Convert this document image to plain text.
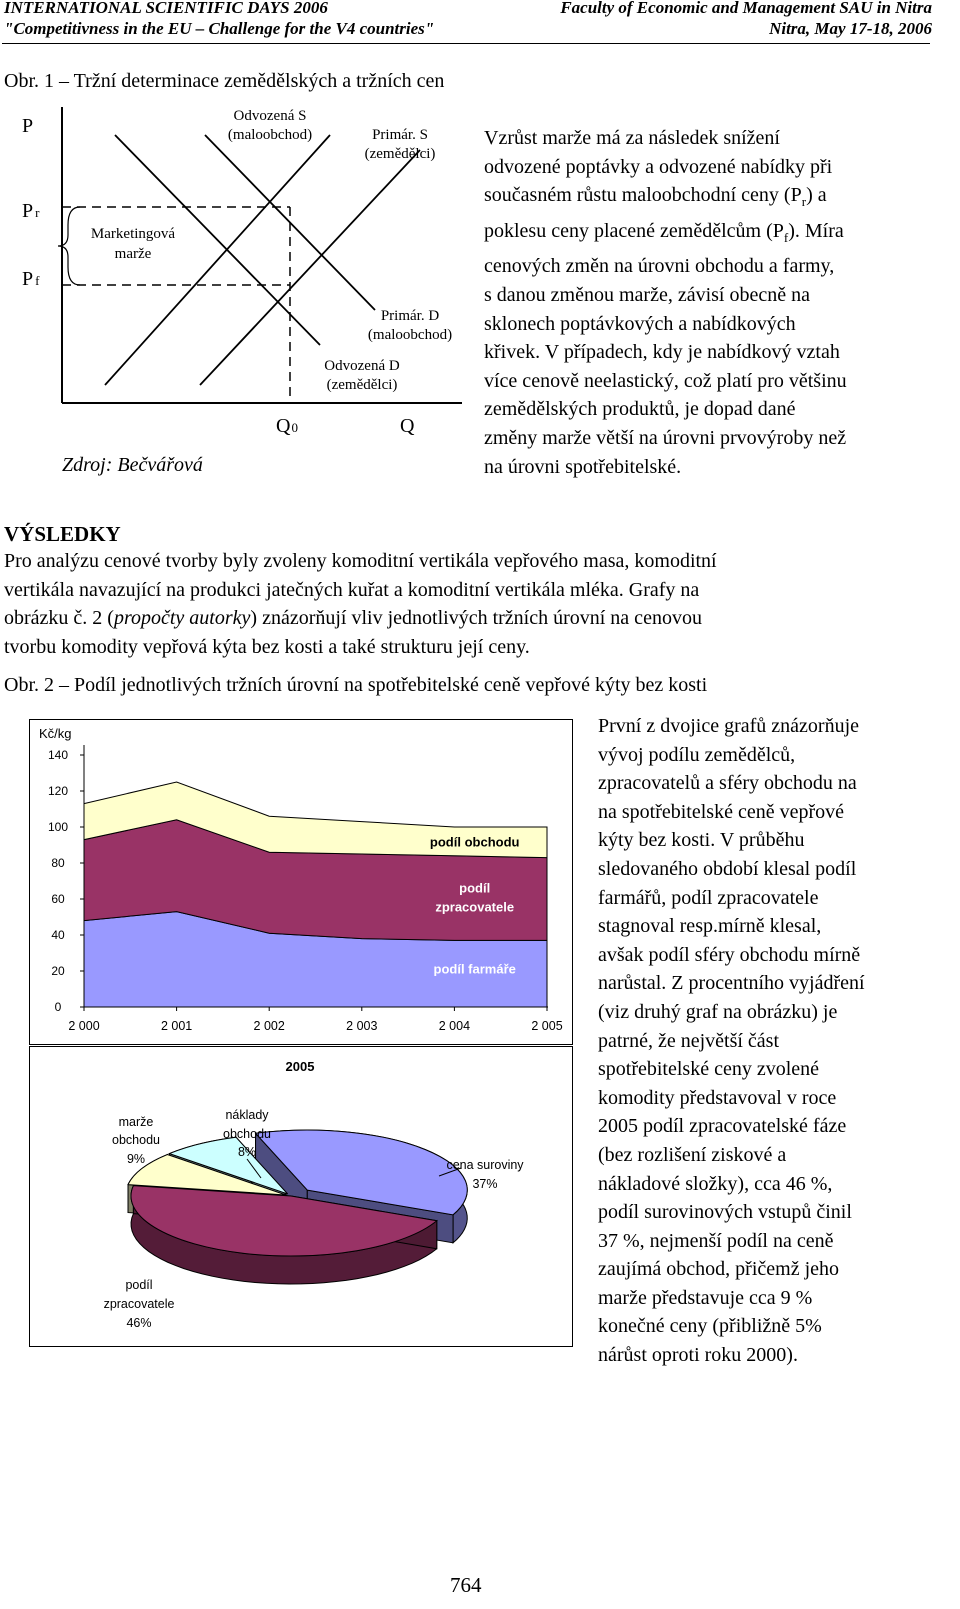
INTERNATIONAL SCIENTIFIC DAYS 2006
"Competitivness in the EU – Challenge for the V4 countries"
Faculty of Economic and Management SAU in Nitra
Nitra, May 17-18, 2006
Obr. 1 – Tržní determinace zemědělských a tržních cen
P
Pr
Pf
Q0	Q
Marketingová
marže
Odvozená S
(maloobchod)	Primár. S
(zemědělci)
Primár. D
(maloobchod)
Odvozená D
(zemědělci)
Zdroj: Bečvářová
Vzrůst marže má za následek snížení
odvozené poptávky a odvozené nabídky při
současném růstu maloobchodní ceny $(P_r)$ a
poklesu ceny placené zemědělcům $(P_f)$. Míra
cenových změn na úrovni obchodu a farmy,
s danou změnou marže, závisí obecně na
sklonech poptávkových a nabídkových
křivek. V případech, kdy je nabídkový vztah
více cenově neelastický, což platí pro většinu
zemědělských produktů, je dopad dané
změny marže větší na úrovni prvovýroby než
na úrovni spotřebitelské.
VÝSLEDKY
Pro analýzu cenové tvorby byly zvoleny komoditní vertikála vepřového masa, komoditní
vertikála navazující na produkci jatečných kuřat a komoditní vertikála mléka. Grafy na
obrázku č. 2 (propočty autorky) znázorňují vliv jednotlivých tržních úrovní na cenovou
tvorbu komodity vepřová kýta bez kosti a také strukturu její ceny.
Obr. 2 – Podíl jednotlivých tržních úrovní na spotřebitelské ceně vepřové kýty bez kosti
Kč/kg
0
20
40
60
80
100
120
140
2 000	2 001	2 002	2 003	2 004	2 005
podíl farmáře
podíl obchodu
podíl
zpracovatele
2005
marže
obchodu
9%
náklady
obchodu
8%
cena suroviny
37%
podíl
zpracovatele
46%
První z dvojice grafů znázorňuje
vývoj podílu zemědělců,
zpracovatelů a sféry obchodu na
na spotřebitelské ceně vepřové
kýty bez kosti. V průběhu
sledovaného období klesal podíl
farmářů, podíl zpracovatele
stagnoval resp.mírně klesal,
avšak podíl sféry obchodu mírně
narůstal. Z procentního vyjádření
(viz druhý graf na obrázku) je
patrné, že největší část
spotřebitelské ceny zvolené
komodity představoval v roce
2005 podíl zpracovatelské fáze
(bez rozlišení ziskové a
nákladové složky), cca 46 %,
podíl surovinových vstupů činil
37 %, nejmenší podíl na ceně
zaujímá obchod, přičemž jeho
marže představuje cca 9 %
konečné ceny (přibližně 5%
nárůst oproti roku 2000).
764
